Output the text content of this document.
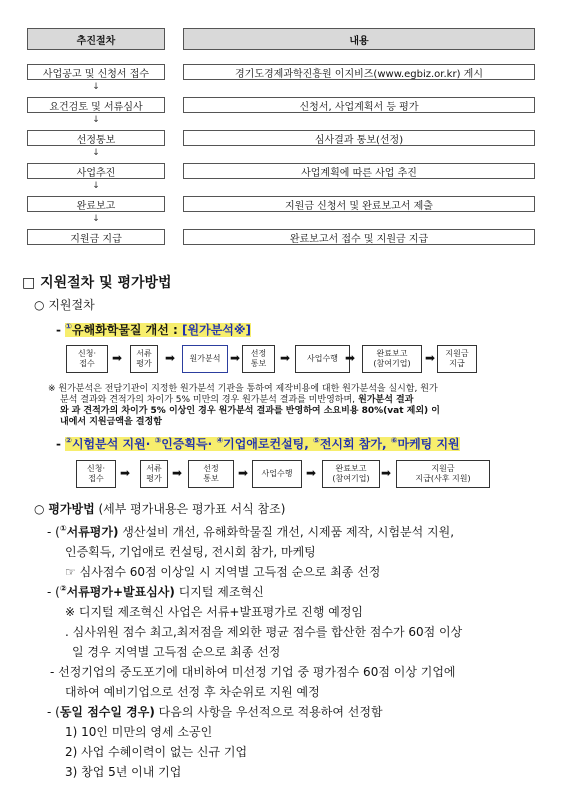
추진절차	내용
사업공고 및 신청서 접수	경기도경제과학진흥원 이지비즈(www.egbiz.or.kr) 게시
↓
요건검토 및 서류심사	신청서, 사업계획서 등 평가
↓
선정통보	심사결과 통보(선정)
↓
사업추진	사업계획에 따른 사업 추진
↓
완료보고	지원금 신청서 및 완료보고서 제출
↓
지원금 지급	완료보고서 접수 및 지원금 지급
□ 지원절차 및 평가방법
○ 지원절차
- ①유해화학물질 개선 : [원가분석※]
신청·
접수
서류
평가
원가분석
선정
통보
사업수행
완료보고
(참여기업)
지원금
지급
➡	➡	➡	➡	➡	➡
※ 원가분석은 전담기관이 지정한 원가분석 기관을 통하여 제작비용에 대한 원가분석을 실시함, 원가
분석 결과와 견적가의 차이가 5% 미만의 경우 원가분석 결과를 미반영하며, 원가분석 결과
와 과 견적가의 차이가 5% 이상인 경우 원가분석 결과를 반영하여 소요비용 80%(vat 제외) 이
내에서 지원금액을 결정함
- ②시험분석 지원· ③인증획득· ④기업애로컨설팅, ⑤전시회 참가, ⑥마케팅 지원
신청·
접수
서류
평가
선정
통보
사업수행
완료보고
(참여기업)
지원금
지급(사후 지원)
➡	➡	➡	➡	➡
○ 평가방법 (세부 평가내용은 평가표 서식 참조)
- (①서류평가) 생산설비 개선, 유해화학물질 개선, 시제품 제작, 시험분석 지원,
인증획득, 기업애로 컨설팅, 전시회 참가, 마케팅
☞ 심사점수 60점 이상일 시 지역별 고득점 순으로 최종 선정
- (②서류평가+발표심사) 디지털 제조혁신
※ 디지털 제조혁신 사업은 서류+발표평가로 진행 예정임
. 심사위원 점수 최고,최저점을 제외한 평균 점수를 합산한 점수가 60점 이상
일 경우 지역별 고득점 순으로 최종 선정
- 선정기업의 중도포기에 대비하여 미선정 기업 중 평가점수 60점 이상 기업에
대하여 예비기업으로 선정 후 차순위로 지원 예정
- (동일 점수일 경우) 다음의 사항을 우선적으로 적용하여 선정함
1) 10인 미만의 영세 소공인
2) 사업 수혜이력이 없는 신규 기업
3) 창업 5년 이내 기업
